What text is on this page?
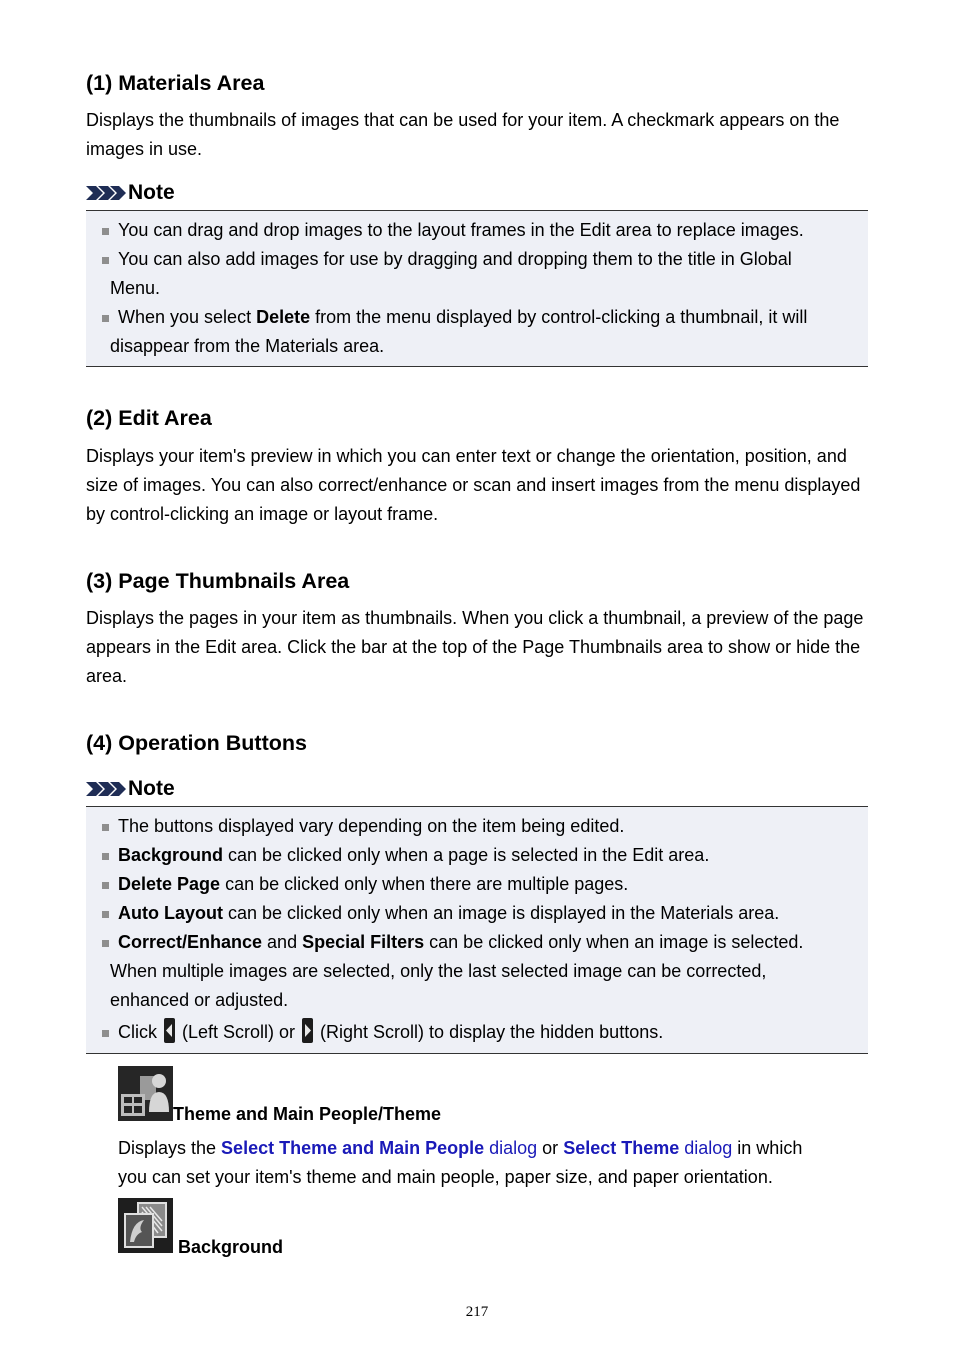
(1) Materials Area

Displays the thumbnails of images that can be used for your item. A checkmark appears on the images in use.

Note
You can drag and drop images to the layout frames in the Edit area to replace images.
You can also add images for use by dragging and dropping them to the title in Global
Menu.
When you select Delete from the menu displayed by control-clicking a thumbnail, it will
disappear from the Materials area.
(2) Edit Area

Displays your item's preview in which you can enter text or change the orientation, position, and size of images. You can also correct/enhance or scan and insert images from the menu displayed by control-clicking an image or layout frame.

(3) Page Thumbnails Area

Displays the pages in your item as thumbnails. When you click a thumbnail, a preview of the page appears in the Edit area. Click the bar at the top of the Page Thumbnails area to show or hide the area.

(4) Operation Buttons
Note
The buttons displayed vary depending on the item being edited.
Background can be clicked only when a page is selected in the Edit area.
Delete Page can be clicked only when there are multiple pages.
Auto Layout can be clicked only when an image is displayed in the Materials area.
Correct/Enhance and Special Filters can be clicked only when an image is selected.
When multiple images are selected, only the last selected image can be corrected,
enhanced or adjusted.
Click
(Left Scroll) or
(Right Scroll) to display the hidden buttons.
Theme and Main People/Theme

Displays the Select Theme and Main People dialog or Select Theme dialog in which
you can set your item's theme and main people, paper size, and paper orientation.

Background
217
